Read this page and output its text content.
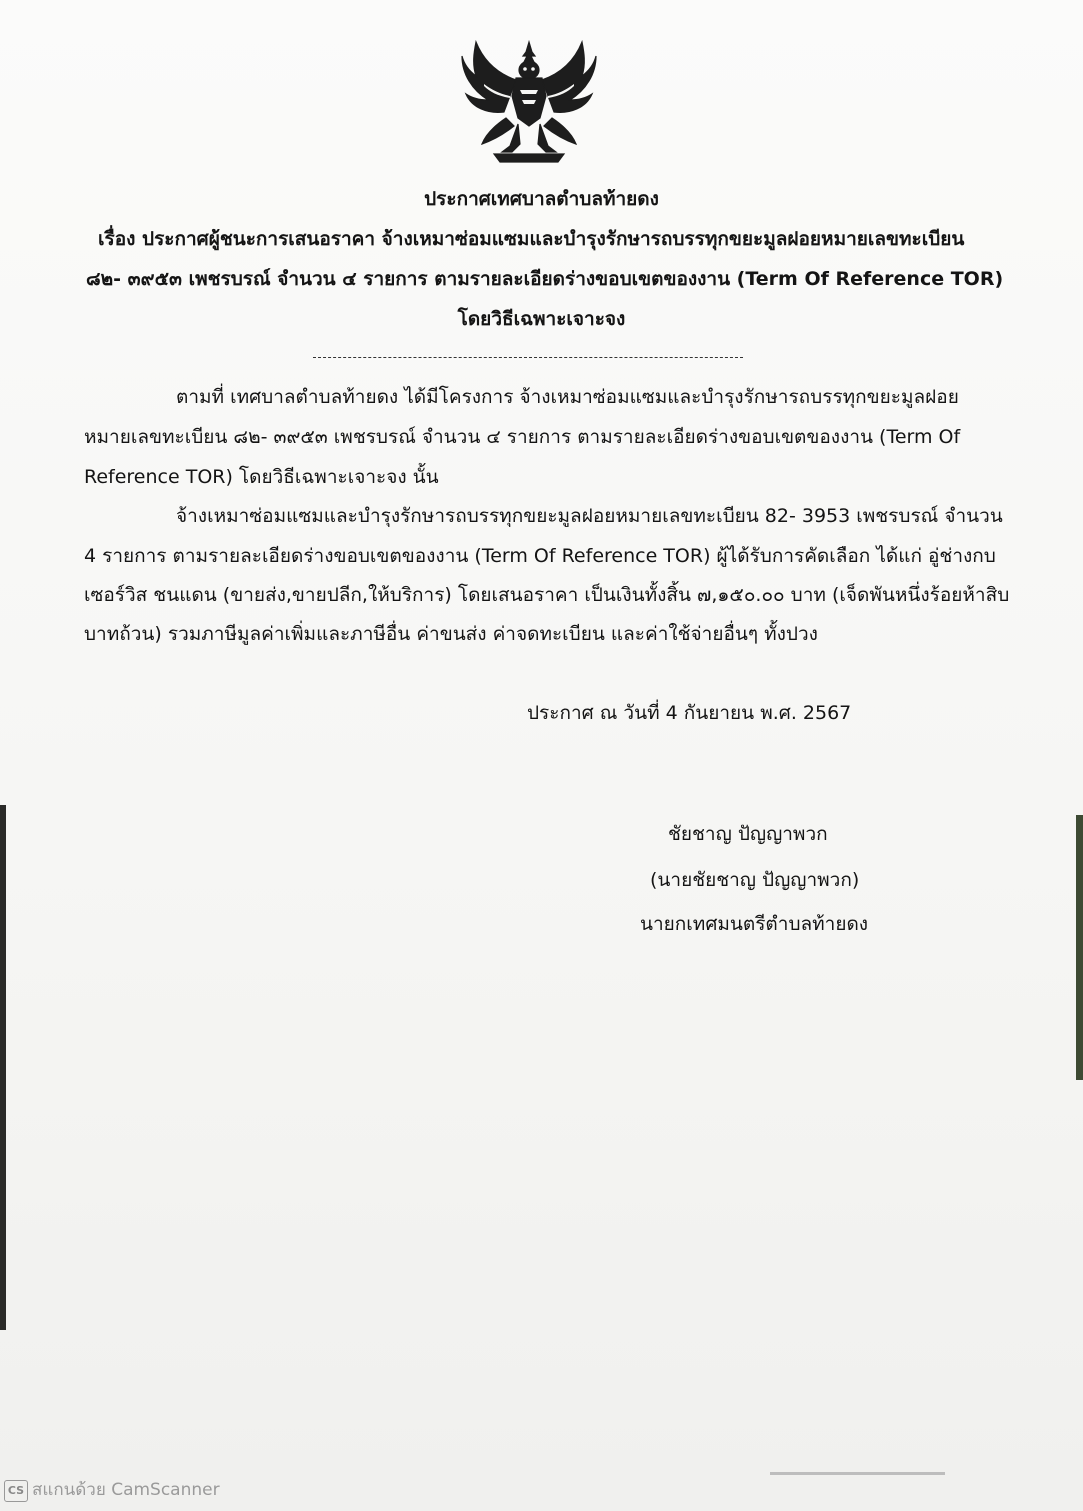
ประกาศเทศบาลตำบลท้ายดง
เรื่อง ประกาศผู้ชนะการเสนอราคา จ้างเหมาซ่อมแซมและบำรุงรักษารถบรรทุกขยะมูลฝอยหมายเลขทะเบียน
๘๒- ๓๙๕๓ เพชรบรณ์ จำนวน ๔ รายการ ตามรายละเอียดร่างขอบเขตของงาน (Term Of Reference TOR)
โดยวิธีเฉพาะเจาะจง
ตามที่ เทศบาลตำบลท้ายดง ได้มีโครงการ จ้างเหมาซ่อมแซมและบำรุงรักษารถบรรทุกขยะมูลฝอย
หมายเลขทะเบียน ๘๒- ๓๙๕๓ เพชรบรณ์ จำนวน ๔ รายการ ตามรายละเอียดร่างขอบเขตของงาน (Term Of
Reference TOR) โดยวิธีเฉพาะเจาะจง นั้น
จ้างเหมาซ่อมแซมและบำรุงรักษารถบรรทุกขยะมูลฝอยหมายเลขทะเบียน 82- 3953 เพชรบรณ์ จำนวน
4 รายการ ตามรายละเอียดร่างขอบเขตของงาน (Term Of Reference TOR) ผู้ได้รับการคัดเลือก ได้แก่ อู่ช่างกบ
เซอร์วิส ชนแดน (ขายส่ง,ขายปลีก,ให้บริการ) โดยเสนอราคา เป็นเงินทั้งสิ้น ๗,๑๕๐.๐๐ บาท (เจ็ดพันหนึ่งร้อยห้าสิบ
บาทถ้วน) รวมภาษีมูลค่าเพิ่มและภาษีอื่น ค่าขนส่ง ค่าจดทะเบียน และค่าใช้จ่ายอื่นๆ ทั้งปวง
ประกาศ ณ วันที่ 4 กันยายน พ.ศ. 2567
ชัยชาญ ปัญญาพวก
(นายชัยชาญ ปัญญาพวก)
นายกเทศมนตรีตำบลท้ายดง
CS สแกนด้วย CamScanner
